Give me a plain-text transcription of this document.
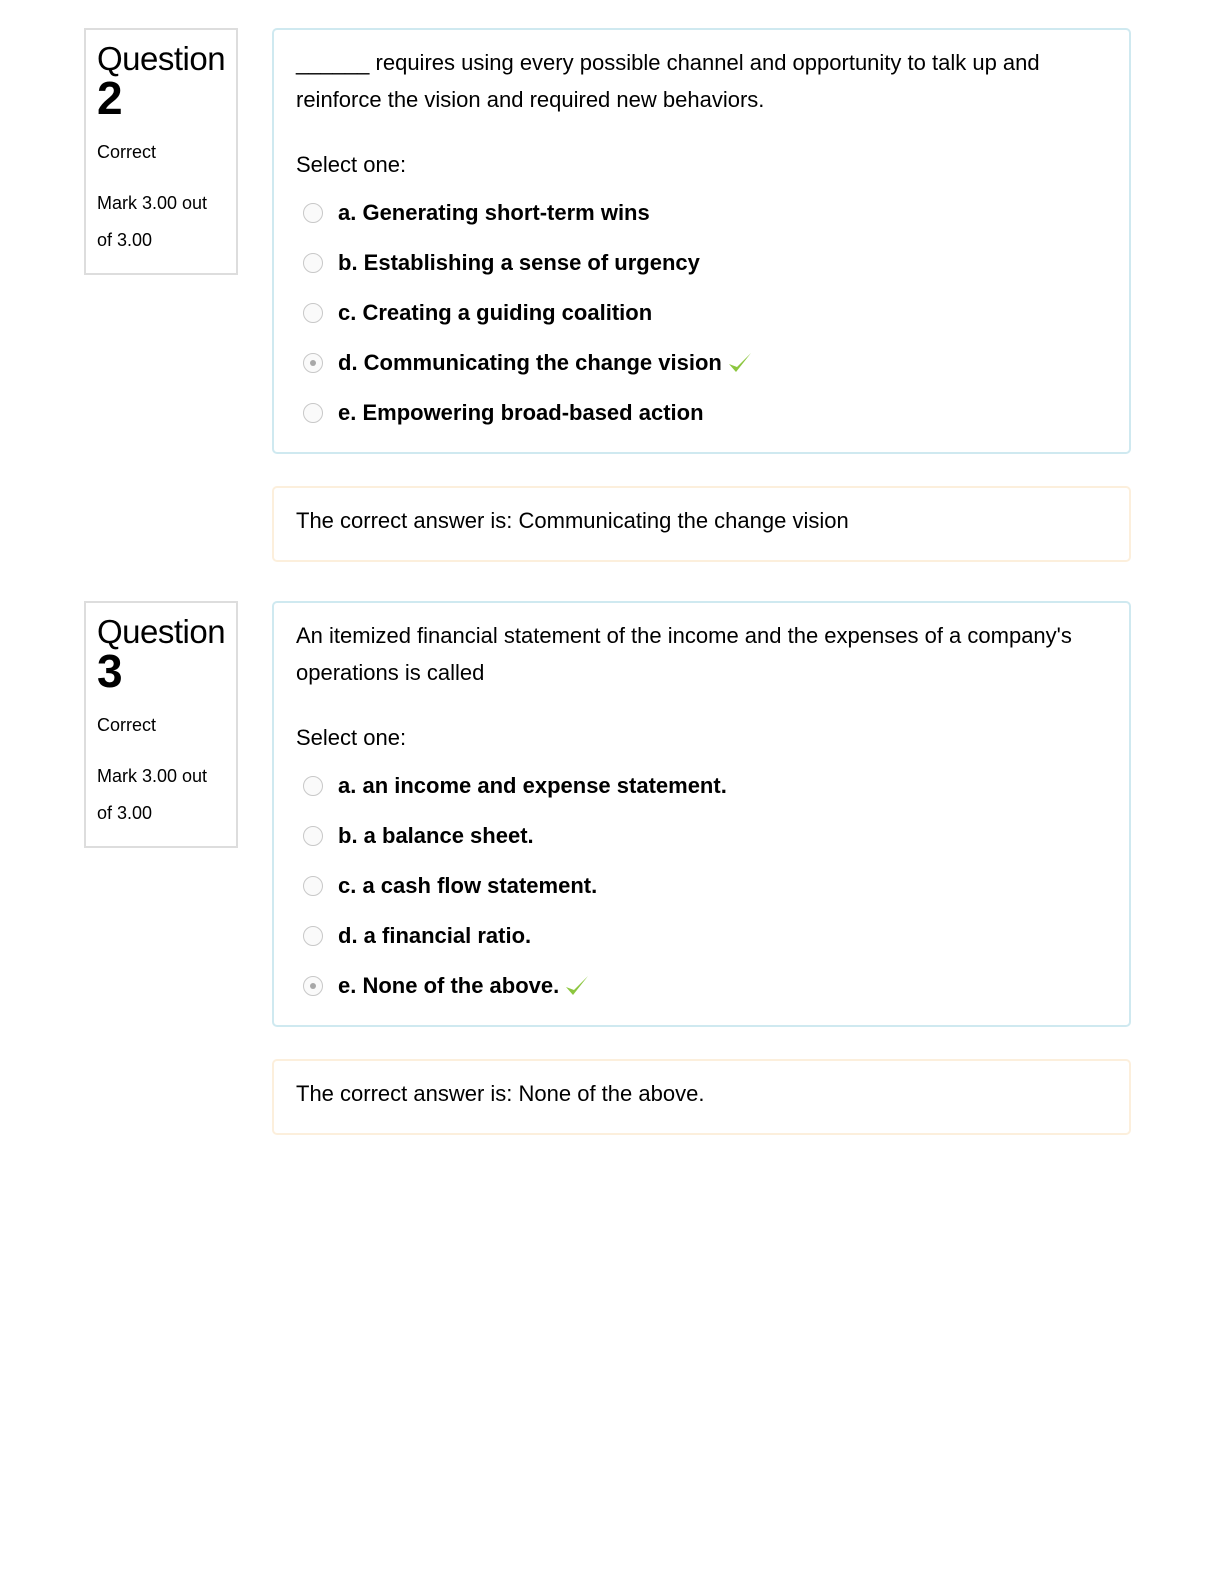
Question
2
Correct
Mark 3.00 out of 3.00

______ requires using every possible channel and opportunity to talk up and reinforce the vision and required new behaviors.

Select one:
a. Generating short-term wins
b. Establishing a sense of urgency
c. Creating a guiding coalition
d. Communicating the change vision
e. Empowering broad-based action
The correct answer is: Communicating the change vision
Question
3
Correct
Mark 3.00 out of 3.00

An itemized financial statement of the income and the expenses of a company's operations is called

Select one:
a. an income and expense statement.
b. a balance sheet.
c. a cash flow statement.
d. a financial ratio.
e. None of the above.
The correct answer is: None of the above.
